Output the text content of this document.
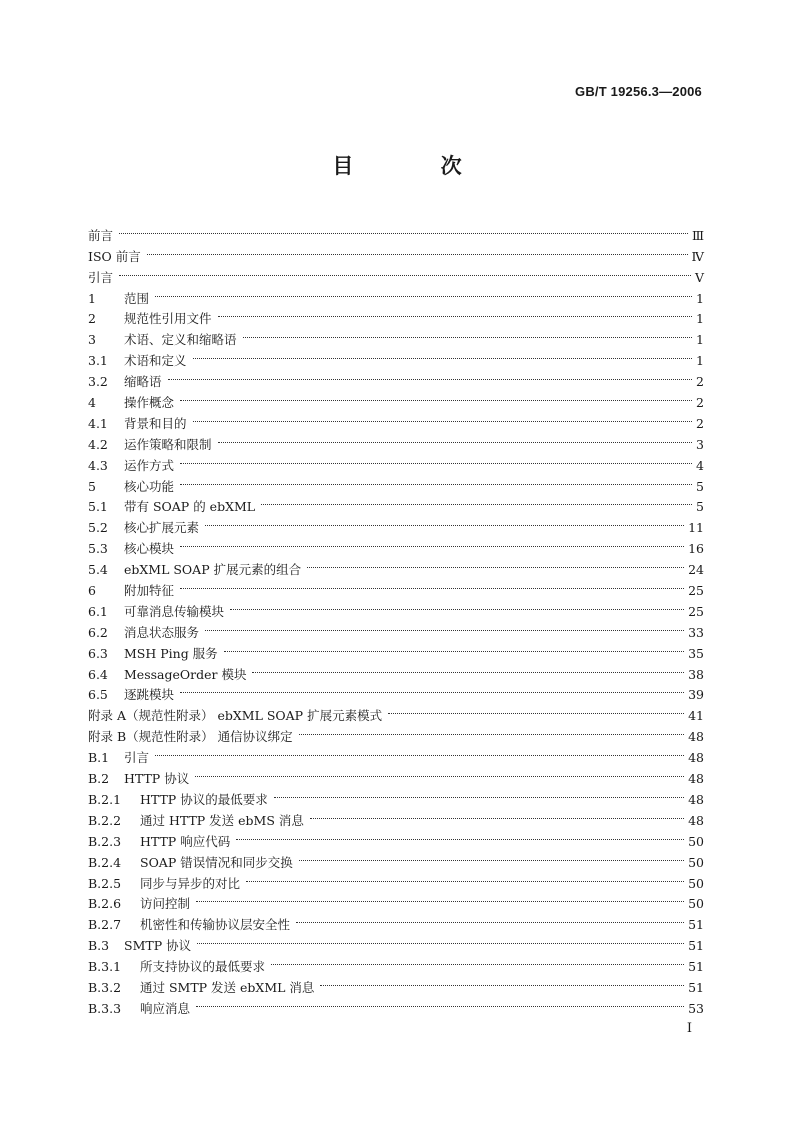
GB/T 19256.3—2006
目 次
前言	Ⅲ
ISO 前言	Ⅳ
引言	Ⅴ
1	范围	1
2	规范性引用文件	1
3	术语、定义和缩略语	1
3.1	术语和定义	1
3.2	缩略语	2
4	操作概念	2
4.1	背景和目的	2
4.2	运作策略和限制	3
4.3	运作方式	4
5	核心功能	5
5.1	带有 SOAP 的 ebXML	5
5.2	核心扩展元素	11
5.3	核心模块	16
5.4	ebXML SOAP 扩展元素的组合	24
6	附加特征	25
6.1	可靠消息传输模块	25
6.2	消息状态服务	33
6.3	MSH Ping 服务	35
6.4	MessageOrder 模块	38
6.5	逐跳模块	39
附录 A（规范性附录） ebXML SOAP 扩展元素模式	41
附录 B（规范性附录） 通信协议绑定	48
B.1	引言	48
B.2	HTTP 协议	48
B.2.1	HTTP 协议的最低要求	48
B.2.2	通过 HTTP 发送 ebMS 消息	48
B.2.3	HTTP 响应代码	50
B.2.4	SOAP 错误情况和同步交换	50
B.2.5	同步与异步的对比	50
B.2.6	访问控制	50
B.2.7	机密性和传输协议层安全性	51
B.3	SMTP 协议	51
B.3.1	所支持协议的最低要求	51
B.3.2	通过 SMTP 发送 ebXML 消息	51
B.3.3	响应消息	53
I
